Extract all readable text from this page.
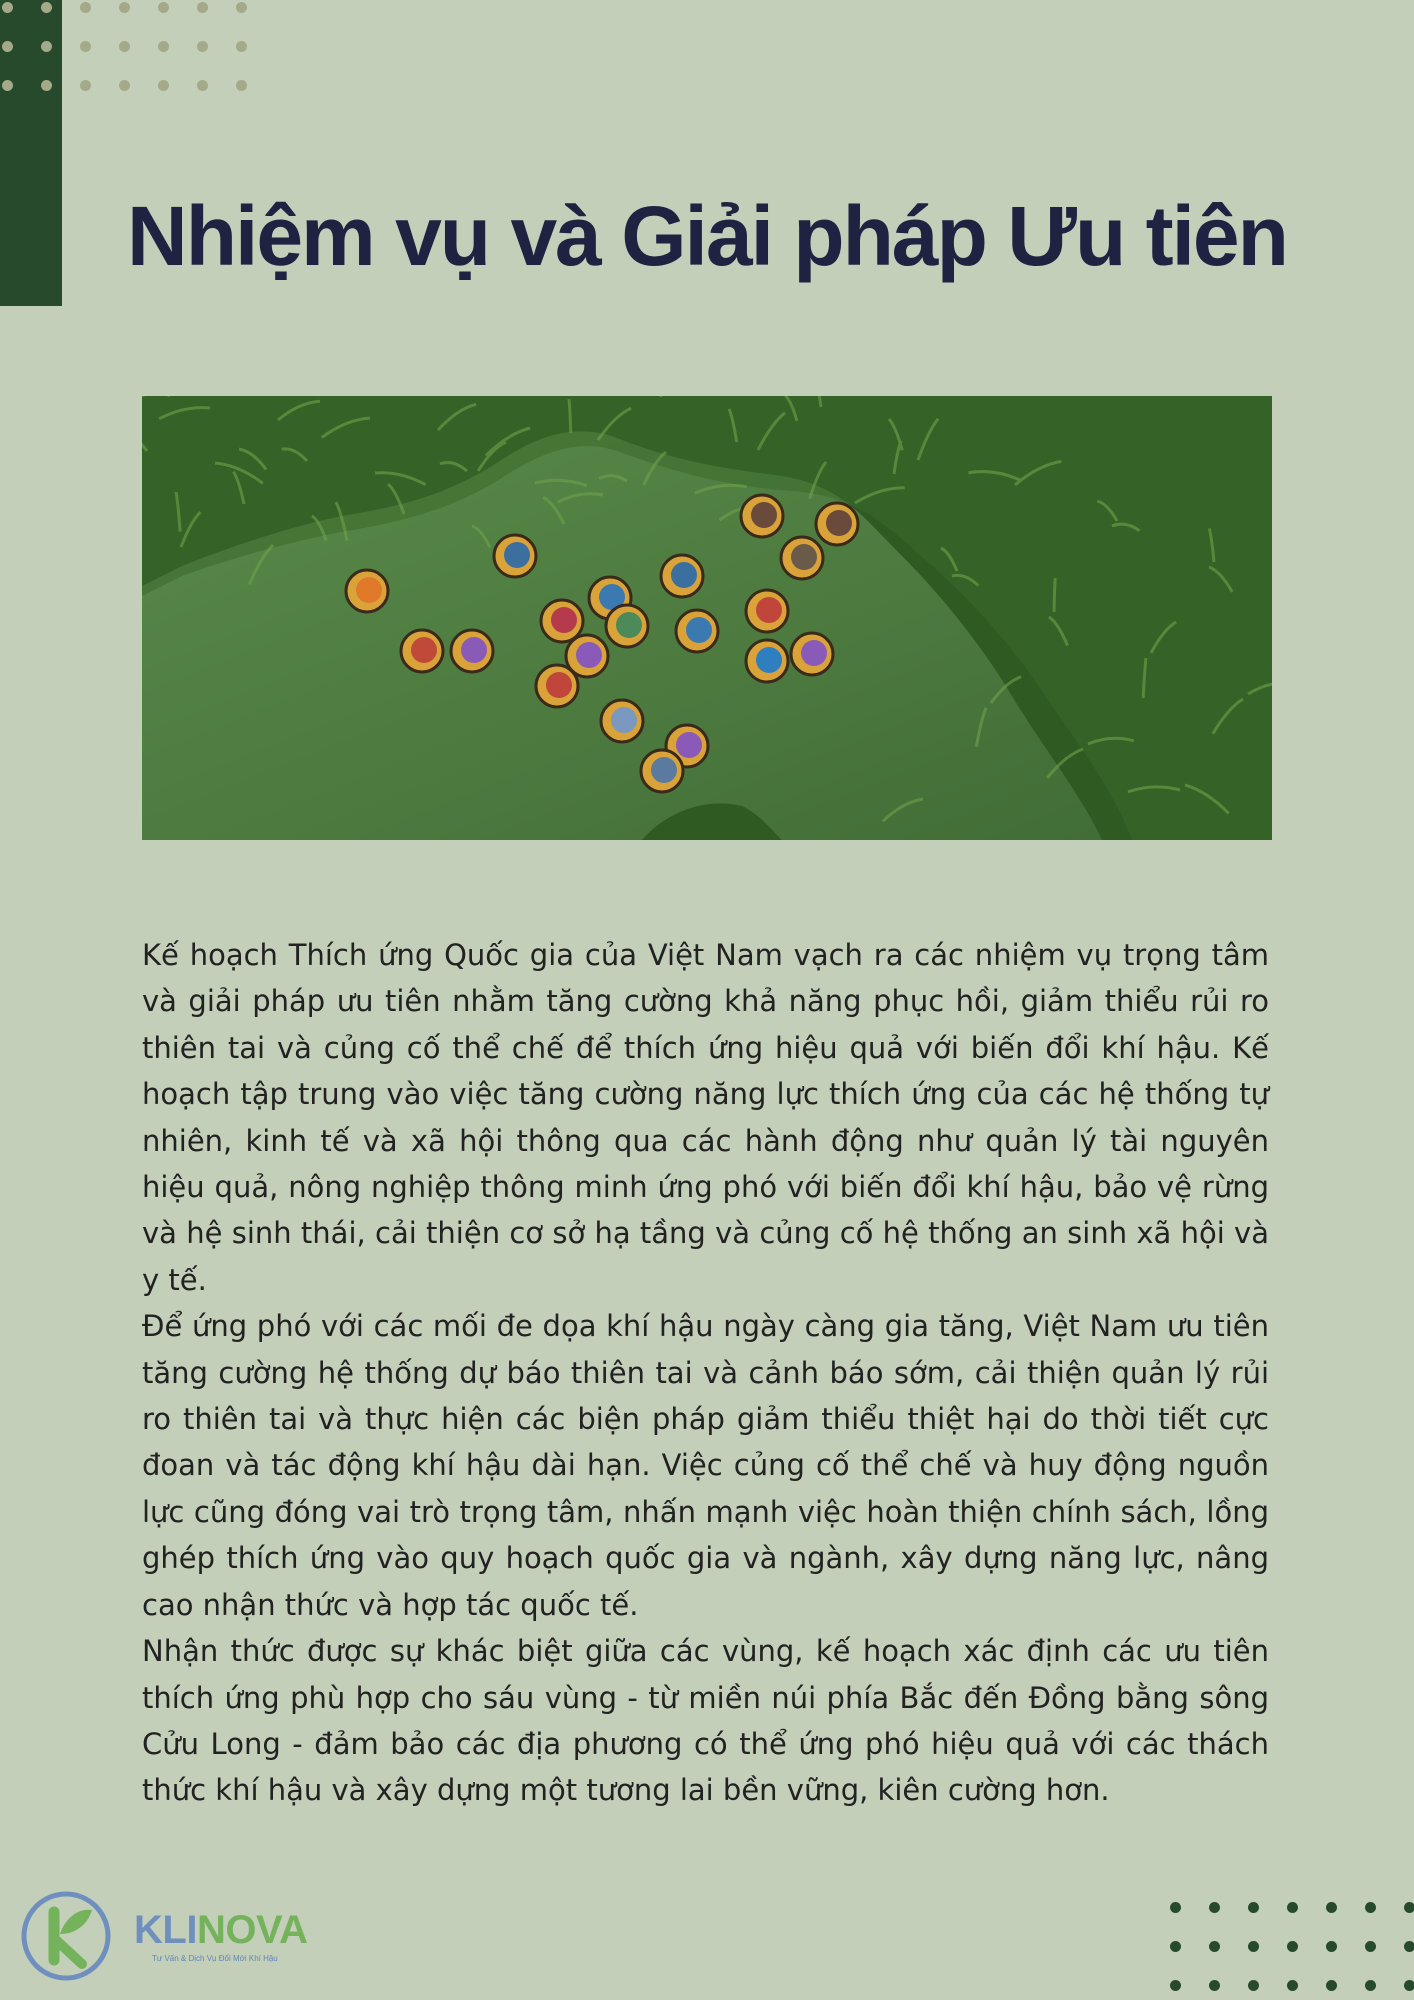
Nhiệm vụ và Giải pháp Ưu tiên

Kế hoạch Thích ứng Quốc gia của Việt Nam vạch ra các nhiệm vụ trọng tâm và giải pháp ưu tiên nhằm tăng cường khả năng phục hồi, giảm thiểu rủi ro thiên tai và củng cố thể chế để thích ứng hiệu quả với biến đổi khí hậu. Kế hoạch tập trung vào việc tăng cường năng lực thích ứng của các hệ thống tự nhiên, kinh tế và xã hội thông qua các hành động như quản lý tài nguyên hiệu quả, nông nghiệp thông minh ứng phó với biến đổi khí hậu, bảo vệ rừng và hệ sinh thái, cải thiện cơ sở hạ tầng và củng cố hệ thống an sinh xã hội và y tế.

Để ứng phó với các mối đe dọa khí hậu ngày càng gia tăng, Việt Nam ưu tiên tăng cường hệ thống dự báo thiên tai và cảnh báo sớm, cải thiện quản lý rủi ro thiên tai và thực hiện các biện pháp giảm thiểu thiệt hại do thời tiết cực đoan và tác động khí hậu dài hạn. Việc củng cố thể chế và huy động nguồn lực cũng đóng vai trò trọng tâm, nhấn mạnh việc hoàn thiện chính sách, lồng ghép thích ứng vào quy hoạch quốc gia và ngành, xây dựng năng lực, nâng cao nhận thức và hợp tác quốc tế.

Nhận thức được sự khác biệt giữa các vùng, kế hoạch xác định các ưu tiên thích ứng phù hợp cho sáu vùng - từ miền núi phía Bắc đến Đồng bằng sông Cửu Long - đảm bảo các địa phương có thể ứng phó hiệu quả với các thách thức khí hậu và xây dựng một tương lai bền vững, kiên cường hơn.

KLINOVA
Tư Vấn & Dịch Vụ Đổi Mới Khí Hậu
